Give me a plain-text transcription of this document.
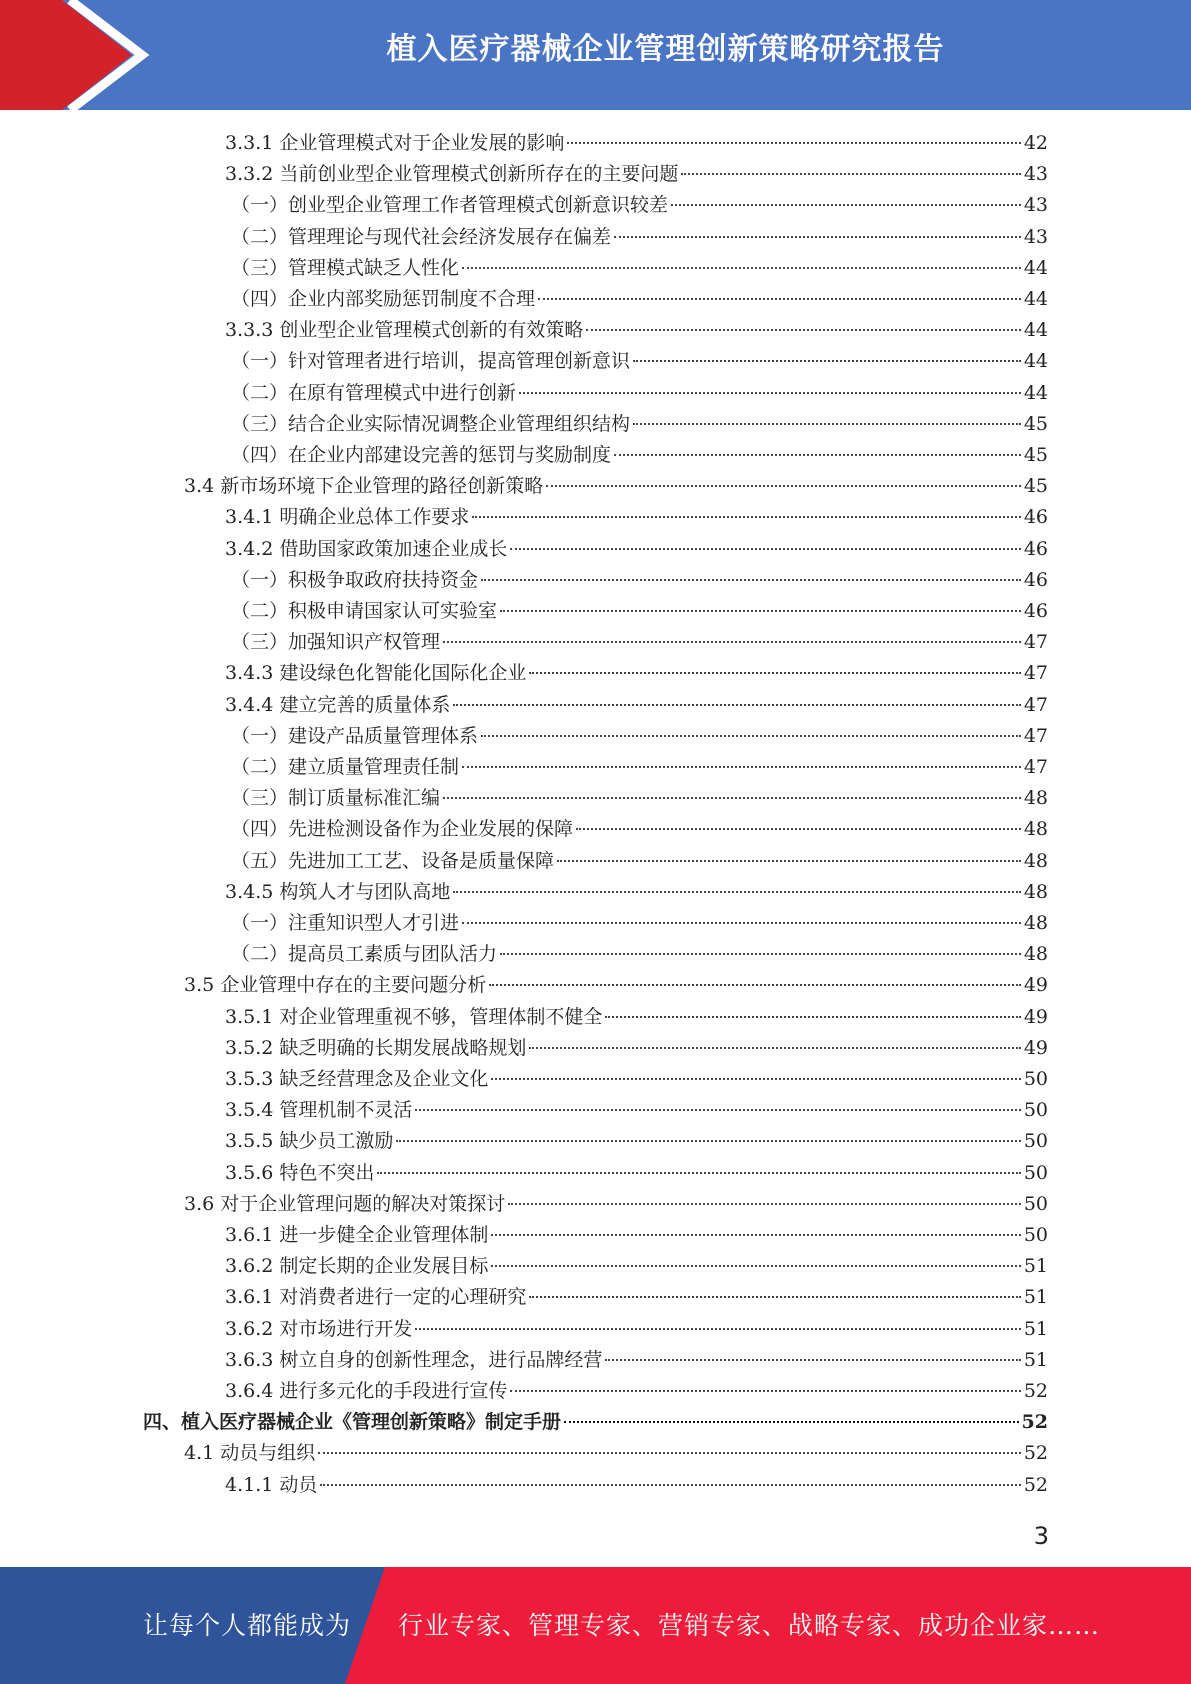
植入医疗器械企业管理创新策略研究报告
3.3.1 企业管理模式对于企业发展的影响	42
3.3.2 当前创业型企业管理模式创新所存在的主要问题	43
（一）创业型企业管理工作者管理模式创新意识较差	43
（二）管理理论与现代社会经济发展存在偏差	43
（三）管理模式缺乏人性化	44
（四）企业内部奖励惩罚制度不合理	44
3.3.3 创业型企业管理模式创新的有效策略	44
（一）针对管理者进行培训，提高管理创新意识	44
（二）在原有管理模式中进行创新	44
（三）结合企业实际情况调整企业管理组织结构	45
（四）在企业内部建设完善的惩罚与奖励制度	45
3.4 新市场环境下企业管理的路径创新策略	45
3.4.1 明确企业总体工作要求	46
3.4.2 借助国家政策加速企业成长	46
（一）积极争取政府扶持资金	46
（二）积极申请国家认可实验室	46
（三）加强知识产权管理	47
3.4.3 建设绿色化智能化国际化企业	47
3.4.4 建立完善的质量体系	47
（一）建设产品质量管理体系	47
（二）建立质量管理责任制	47
（三）制订质量标准汇编	48
（四）先进检测设备作为企业发展的保障	48
（五）先进加工工艺、设备是质量保障	48
3.4.5 构筑人才与团队高地	48
（一）注重知识型人才引进	48
（二）提高员工素质与团队活力	48
3.5 企业管理中存在的主要问题分析	49
3.5.1 对企业管理重视不够，管理体制不健全	49
3.5.2 缺乏明确的长期发展战略规划	49
3.5.3 缺乏经营理念及企业文化	50
3.5.4 管理机制不灵活	50
3.5.5 缺少员工激励	50
3.5.6 特色不突出	50
3.6 对于企业管理问题的解决对策探讨	50
3.6.1 进一步健全企业管理体制	50
3.6.2 制定长期的企业发展目标	51
3.6.1 对消费者进行一定的心理研究	51
3.6.2 对市场进行开发	51
3.6.3 树立自身的创新性理念，进行品牌经营	51
3.6.4 进行多元化的手段进行宣传	52
四、植入医疗器械企业《管理创新策略》制定手册	52
4.1 动员与组织	52
4.1.1 动员	52
3
让每个人都能成为 行业专家、管理专家、营销专家、战略专家、成功企业家……
